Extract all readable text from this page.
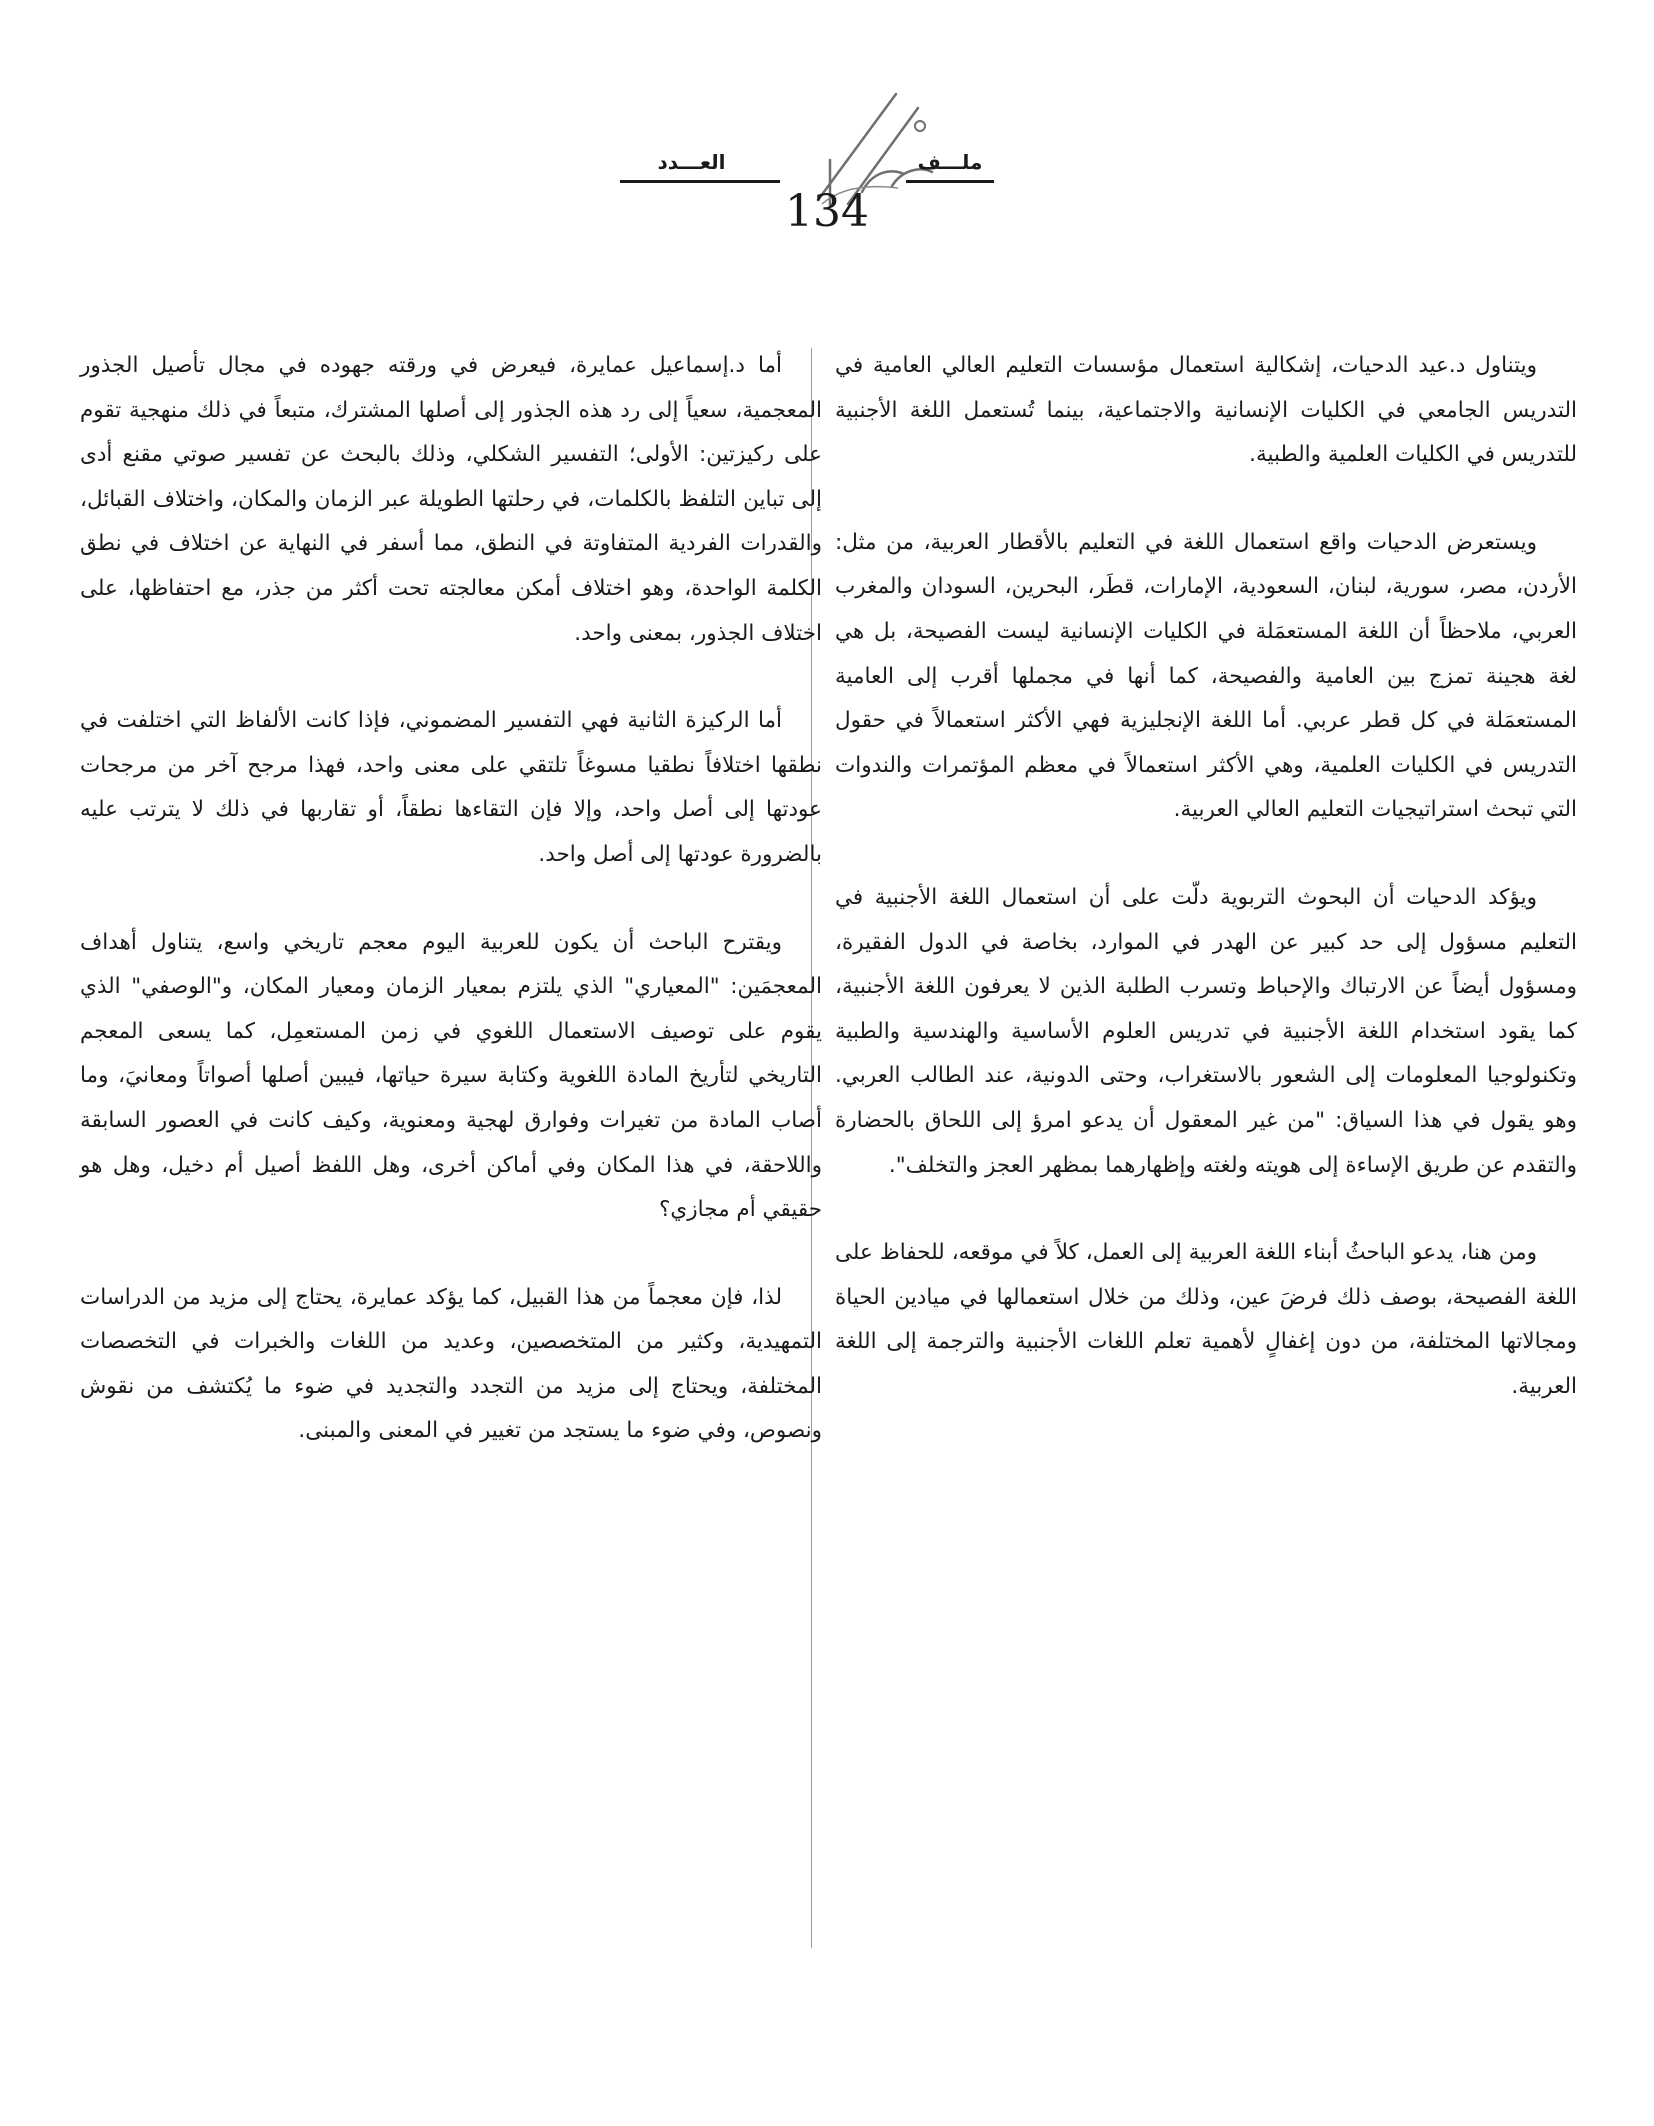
ملـــف
العـــدد
134

ويتناول د.عيد الدحيات، إشكالية استعمال مؤسسات التعليم العالي العامية في التدريس الجامعي في الكليات الإنسانية والاجتماعية، بينما تُستعمل اللغة الأجنبية للتدريس في الكليات العلمية والطبية.

ويستعرض الدحيات واقع استعمال اللغة في التعليم بالأقطار العربية، من مثل: الأردن، مصر، سورية، لبنان، السعودية، الإمارات، قطَر، البحرين، السودان والمغرب العربي، ملاحظاً أن اللغة المستعمَلة في الكليات الإنسانية ليست الفصيحة، بل هي لغة هجينة تمزج بين العامية والفصيحة، كما أنها في مجملها أقرب إلى العامية المستعمَلة في كل قطر عربي. أما اللغة الإنجليزية فهي الأكثر استعمالاً في حقول التدريس في الكليات العلمية، وهي الأكثر استعمالاً في معظم المؤتمرات والندوات التي تبحث استراتيجيات التعليم العالي العربية.

ويؤكد الدحيات أن البحوث التربوية دلّت على أن استعمال اللغة الأجنبية في التعليم مسؤول إلى حد كبير عن الهدر في الموارد، بخاصة في الدول الفقيرة، ومسؤول أيضاً عن الارتباك والإحباط وتسرب الطلبة الذين لا يعرفون اللغة الأجنبية، كما يقود استخدام اللغة الأجنبية في تدريس العلوم الأساسية والهندسية والطبية وتكنولوجيا المعلومات إلى الشعور بالاستغراب، وحتى الدونية، عند الطالب العربي. وهو يقول في هذا السياق: "من غير المعقول أن يدعو امرؤ إلى اللحاق بالحضارة والتقدم عن طريق الإساءة إلى هويته ولغته وإظهارهما بمظهر العجز والتخلف".

ومن هنا، يدعو الباحثُ أبناء اللغة العربية إلى العمل، كلاً في موقعه، للحفاظ على اللغة الفصيحة، بوصف ذلك فرضَ عين، وذلك من خلال استعمالها في ميادين الحياة ومجالاتها المختلفة، من دون إغفالٍ لأهمية تعلم اللغات الأجنبية والترجمة إلى اللغة العربية.

أما د.إسماعيل عمايرة، فيعرض في ورقته جهوده في مجال تأصيل الجذور المعجمية، سعياً إلى رد هذه الجذور إلى أصلها المشترك، متبعاً في ذلك منهجية تقوم على ركيزتين: الأولى؛ التفسير الشكلي، وذلك بالبحث عن تفسير صوتي مقنع أدى إلى تباين التلفظ بالكلمات، في رحلتها الطويلة عبر الزمان والمكان، واختلاف القبائل، والقدرات الفردية المتفاوتة في النطق، مما أسفر في النهاية عن اختلاف في نطق الكلمة الواحدة، وهو اختلاف أمكن معالجته تحت أكثر من جذر، مع احتفاظها، على اختلاف الجذور، بمعنى واحد.

أما الركيزة الثانية فهي التفسير المضموني، فإذا كانت الألفاظ التي اختلفت في نطقها اختلافاً نطقيا مسوغاً تلتقي على معنى واحد، فهذا مرجح آخر من مرجحات عودتها إلى أصل واحد، وإلا فإن التقاءها نطقاً، أو تقاربها في ذلك لا يترتب عليه بالضرورة عودتها إلى أصل واحد.

ويقترح الباحث أن يكون للعربية اليوم معجم تاريخي واسع، يتناول أهداف المعجمَين: "المعياري" الذي يلتزم بمعيار الزمان ومعيار المكان، و"الوصفي" الذي يقوم على توصيف الاستعمال اللغوي في زمن المستعمِل، كما يسعى المعجم التاريخي لتأريخ المادة اللغوية وكتابة سيرة حياتها، فيبين أصلها أصواتاً ومعانيَ، وما أصاب المادة من تغيرات وفوارق لهجية ومعنوية، وكيف كانت في العصور السابقة واللاحقة، في هذا المكان وفي أماكن أخرى، وهل اللفظ أصيل أم دخيل، وهل هو حقيقي أم مجازي؟

لذا، فإن معجماً من هذا القبيل، كما يؤكد عمايرة، يحتاج إلى مزيد من الدراسات التمهيدية، وكثير من المتخصصين، وعديد من اللغات والخبرات في التخصصات المختلفة، ويحتاج إلى مزيد من التجدد والتجديد في ضوء ما يُكتشف من نقوش ونصوص، وفي ضوء ما يستجد من تغيير في المعنى والمبنى.
